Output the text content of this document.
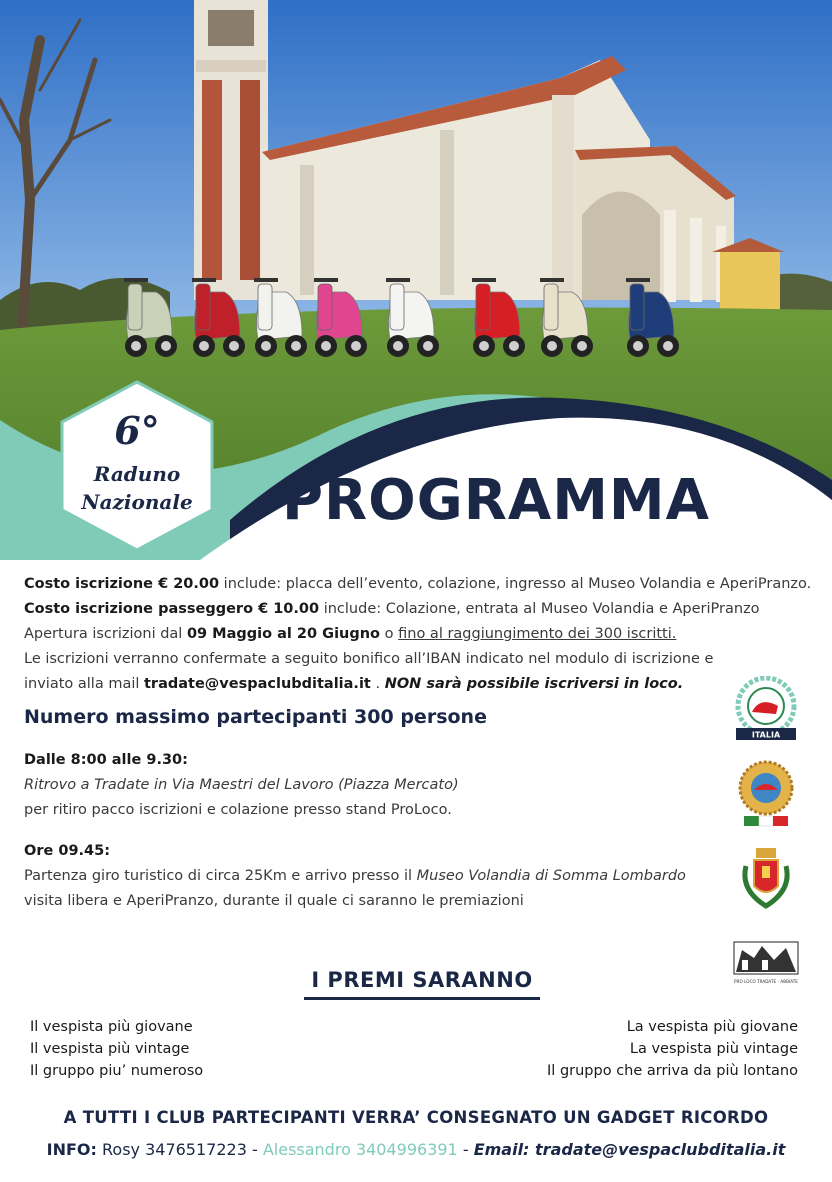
6°
Raduno
Nazionale	PROGRAMMA

Costo iscrizione € 20.00 include: placca dell’evento, colazione, ingresso al Museo Volandia e AperiPranzo.

Costo iscrizione passeggero € 10.00 include: Colazione, entrata al Museo Volandia e AperiPranzo

Apertura iscrizioni dal 09 Maggio al 20 Giugno o fino al raggiungimento dei 300 iscritti.

Le iscrizioni verranno confermate a seguito bonifico all’IBAN indicato nel modulo di iscrizione e

inviato alla mail tradate@vespaclubditalia.it . NON sarà possibile iscriversi in loco.

Numero massimo partecipanti 300 persone

Dalle 8:00 alle 9.30:

Ritrovo a Tradate in Via Maestri del Lavoro (Piazza Mercato)

per ritiro pacco iscrizioni e colazione presso stand ProLoco.

Ore 09.45:

Partenza giro turistico di circa 25Km e arrivo presso il Museo Volandia di Somma Lombardo

visita libera e AperiPranzo, durante il quale ci saranno le premiazioni

ITALIA
PRO LOCO TRADATE - ABBIATE
I PREMI SARANNO
Il vespista più giovane
Il vespista più vintage
Il gruppo piu’ numeroso
La vespista più giovane
La vespista più vintage
Il gruppo che arriva da più lontano
A TUTTI I CLUB PARTECIPANTI VERRA’ CONSEGNATO UN GADGET RICORDO
INFO: Rosy 3476517223 - Alessandro 3404996391 - Email: tradate@vespaclubditalia.it
